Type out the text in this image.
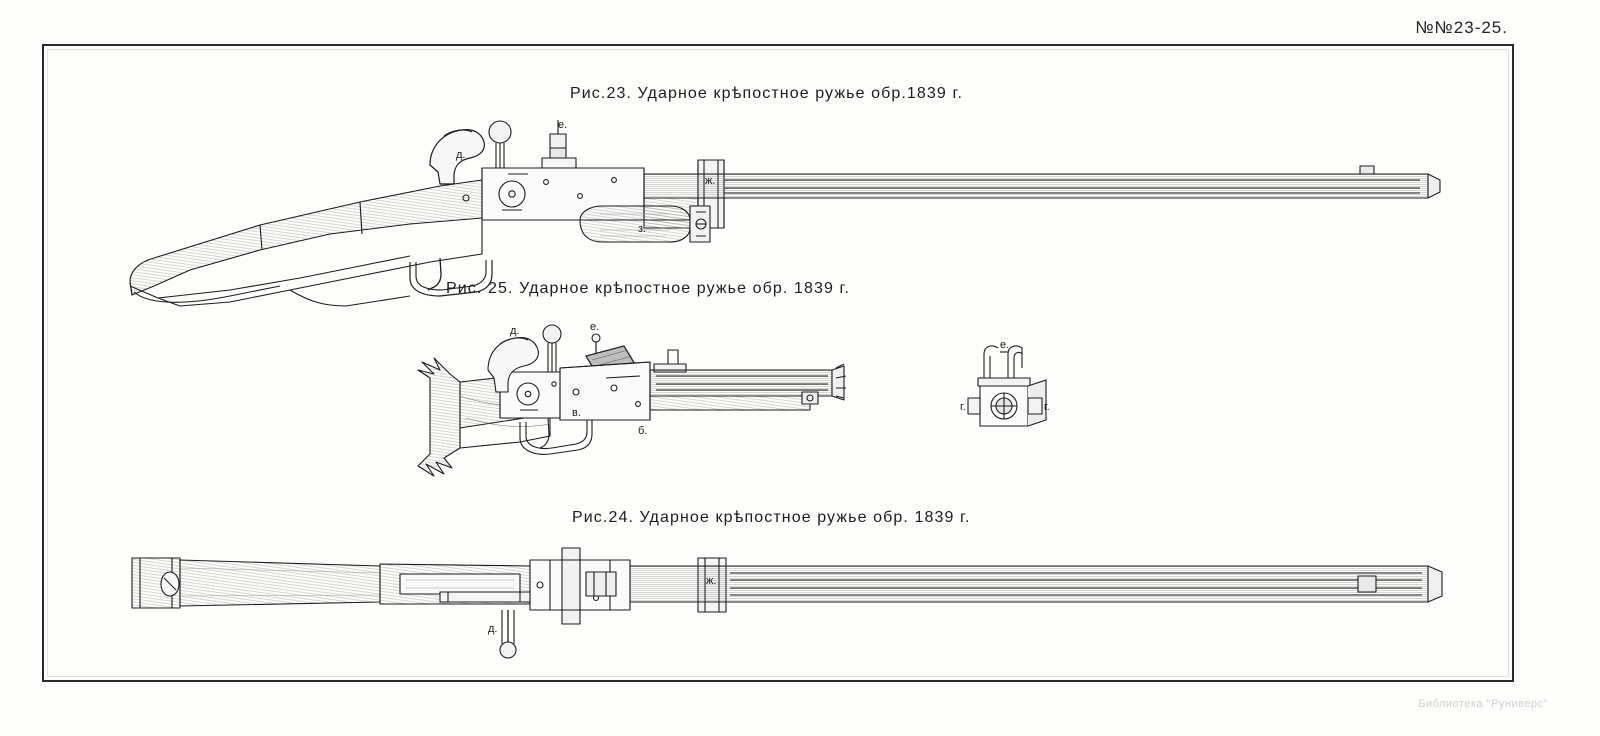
№№23-25.
Рис.23. Ударное крѣпостное ружье обр.1839 г.
д.
е.
ж.
з.
Рис. 25. Ударное крѣпостное ружье обр. 1839 г.
д.	е.
б.
в.
е.
г.	г.
Рис.24. Ударное крѣпостное ружье обр. 1839 г.
д.
ж.
Библиотека "Руниверс"
